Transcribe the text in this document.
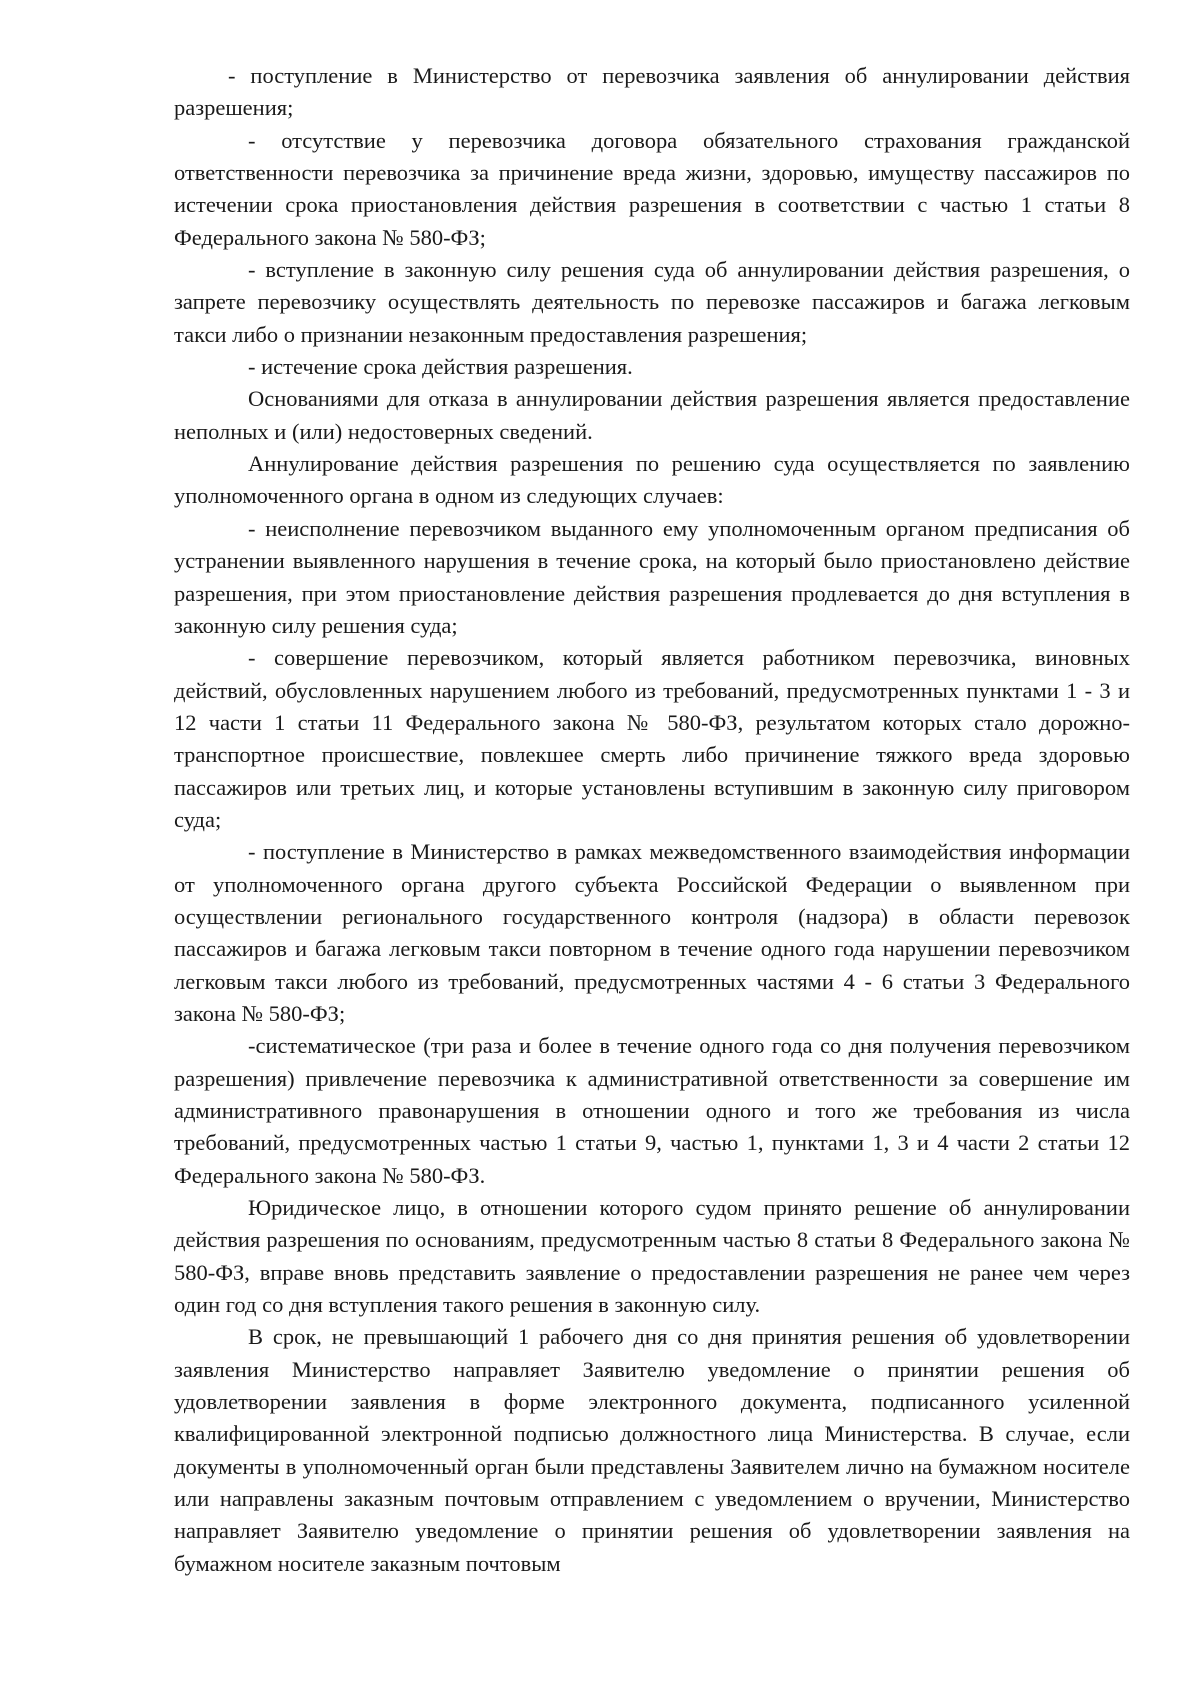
- поступление в Министерство от перевозчика заявления об аннулировании действия разрешения;

- отсутствие у перевозчика договора обязательного страхования гражданской ответственности перевозчика за причинение вреда жизни, здоровью, имуществу пассажиров по истечении срока приостановления действия разрешения в соответствии с частью 1 статьи 8 Федерального закона № 580-ФЗ;

- вступление в законную силу решения суда об аннулировании действия разрешения, о запрете перевозчику осуществлять деятельность по перевозке пассажиров и багажа легковым такси либо о признании незаконным предоставления разрешения;

- истечение срока действия разрешения.

Основаниями для отказа в аннулировании действия разрешения является предоставление неполных и (или) недостоверных сведений.

Аннулирование действия разрешения по решению суда осуществляется по заявлению уполномоченного органа в одном из следующих случаев:

- неисполнение перевозчиком выданного ему уполномоченным органом предписания об устранении выявленного нарушения в течение срока, на который было приостановлено действие разрешения, при этом приостановление действия разрешения продлевается до дня вступления в законную силу решения суда;

- совершение перевозчиком, который является работником перевозчика, виновных действий, обусловленных нарушением любого из требований, предусмотренных пунктами 1 - 3 и 12 части 1 статьи 11 Федерального закона № 580-ФЗ, результатом которых стало дорожно-транспортное происшествие, повлекшее смерть либо причинение тяжкого вреда здоровью пассажиров или третьих лиц, и которые установлены вступившим в законную силу приговором суда;

- поступление в Министерство в рамках межведомственного взаимодействия информации от уполномоченного органа другого субъекта Российской Федерации о выявленном при осуществлении регионального государственного контроля (надзора) в области перевозок пассажиров и багажа легковым такси повторном в течение одного года нарушении перевозчиком легковым такси любого из требований, предусмотренных частями 4 - 6 статьи 3 Федерального закона № 580-ФЗ;

-систематическое (три раза и более в течение одного года со дня получения перевозчиком разрешения) привлечение перевозчика к административной ответственности за совершение им административного правонарушения в отношении одного и того же требования из числа требований, предусмотренных частью 1 статьи 9, частью 1, пунктами 1, 3 и 4 части 2 статьи 12 Федерального закона № 580-ФЗ.

Юридическое лицо, в отношении которого судом принято решение об аннулировании действия разрешения по основаниям, предусмотренным частью 8 статьи 8 Федерального закона № 580-ФЗ, вправе вновь представить заявление о предоставлении разрешения не ранее чем через один год со дня вступления такого решения в законную силу.

В срок, не превышающий 1 рабочего дня со дня принятия решения об удовлетворении заявления Министерство направляет Заявителю уведомление о принятии решения об удовлетворении заявления в форме электронного документа, подписанного усиленной квалифицированной электронной подписью должностного лица Министерства. В случае, если документы в уполномоченный орган были представлены Заявителем лично на бумажном носителе или направлены заказным почтовым отправлением с уведомлением о вручении, Министерство направляет Заявителю уведомление о принятии решения об удовлетворении заявления на бумажном носителе заказным почтовым
